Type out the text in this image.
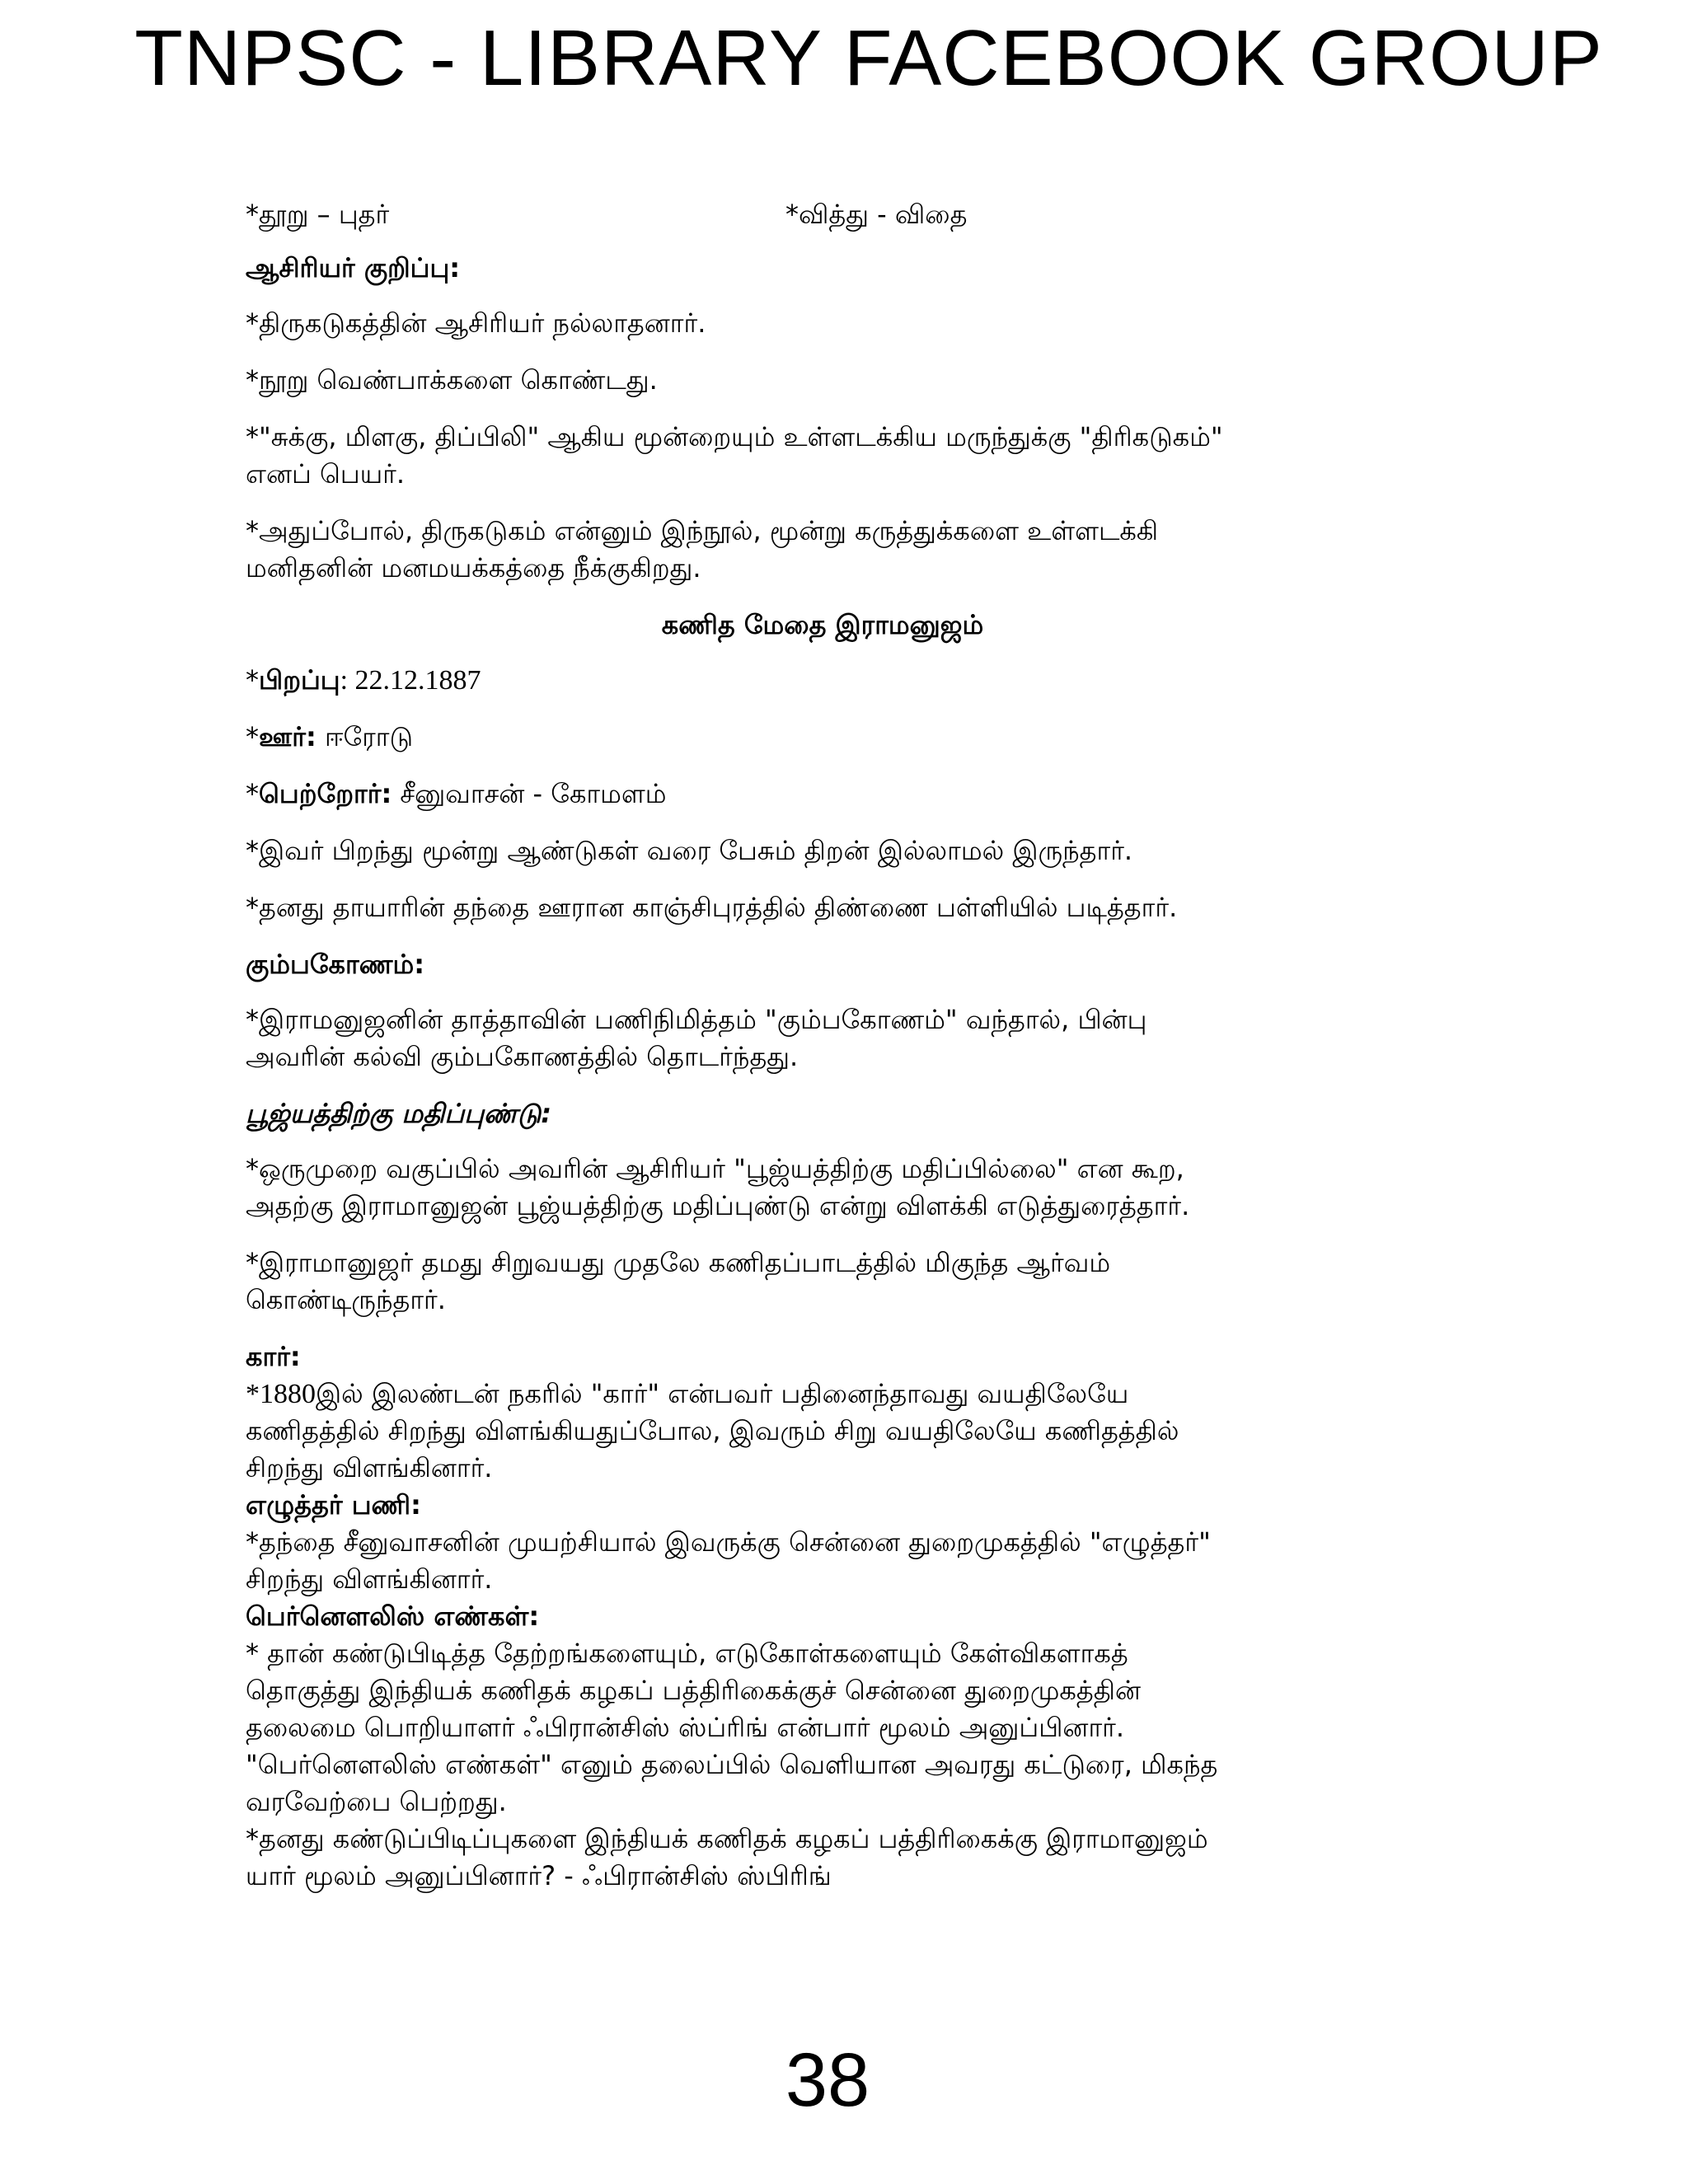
TNPSC - LIBRARY FACEBOOK GROUP
*தூறு – புதர்	*வித்து - விதை
ஆசிரியர் குறிப்பு:
*திருகடுகத்தின் ஆசிரியர் நல்லாதனார்.
*நூறு வெண்பாக்களை கொண்டது.
*"சுக்கு, மிளகு, திப்பிலி" ஆகிய மூன்றையும் உள்ளடக்கிய மருந்துக்கு "திரிகடுகம்"
எனப் பெயர்.
*அதுப்போல், திருகடுகம் என்னும் இந்நூல், மூன்று கருத்துக்களை உள்ளடக்கி
மனிதனின் மனமயக்கத்தை நீக்குகிறது.
கணித மேதை இராமனுஜம்
*பிறப்பு: 22.12.1887
*ஊர்: ஈரோடு
*பெற்றோர்: சீனுவாசன் - கோமளம்
*இவர் பிறந்து மூன்று ஆண்டுகள் வரை பேசும் திறன் இல்லாமல் இருந்தார்.
*தனது தாயாரின் தந்தை ஊரான காஞ்சிபுரத்தில் திண்ணை பள்ளியில் படித்தார்.
கும்பகோணம்:
*இராமனுஜனின் தாத்தாவின் பணிநிமித்தம் "கும்பகோணம்" வந்தால், பின்பு
அவரின் கல்வி கும்பகோணத்தில் தொடர்ந்தது.
பூஜ்யத்திற்கு மதிப்புண்டு:
*ஒருமுறை வகுப்பில் அவரின் ஆசிரியர் "பூஜ்யத்திற்கு மதிப்பில்லை" என கூற,
அதற்கு இராமானுஜன் பூஜ்யத்திற்கு மதிப்புண்டு என்று விளக்கி எடுத்துரைத்தார்.
*இராமானுஜர் தமது சிறுவயது முதலே கணிதப்பாடத்தில் மிகுந்த ஆர்வம்
கொண்டிருந்தார்.
கார்:
*1880இல் இலண்டன் நகரில் "கார்" என்பவர் பதினைந்தாவது வயதிலேயே
கணிதத்தில் சிறந்து விளங்கியதுப்போல, இவரும் சிறு வயதிலேயே கணிதத்தில்
சிறந்து விளங்கினார்.
எழுத்தர் பணி:
*தந்தை சீனுவாசனின் முயற்சியால் இவருக்கு சென்னை துறைமுகத்தில் "எழுத்தர்"
சிறந்து விளங்கினார்.
பெர்னௌலிஸ் எண்கள்:
* தான் கண்டுபிடித்த தேற்றங்களையும், எடுகோள்களையும் கேள்விகளாகத்
தொகுத்து இந்தியக் கணிதக் கழகப் பத்திரிகைக்குச் சென்னை துறைமுகத்தின்
தலைமை பொறியாளர் ஃபிரான்சிஸ் ஸ்ப்ரிங் என்பார் மூலம் அனுப்பினார்.
"பெர்னௌலிஸ் எண்கள்" எனும் தலைப்பில் வெளியான அவரது கட்டுரை, மிகந்த
வரவேற்பை பெற்றது.
*தனது கண்டுப்பிடிப்புகளை இந்தியக் கணிதக் கழகப் பத்திரிகைக்கு இராமானுஜம்
யார் மூலம் அனுப்பினார்? - ஃபிரான்சிஸ் ஸ்பிரிங்
38
